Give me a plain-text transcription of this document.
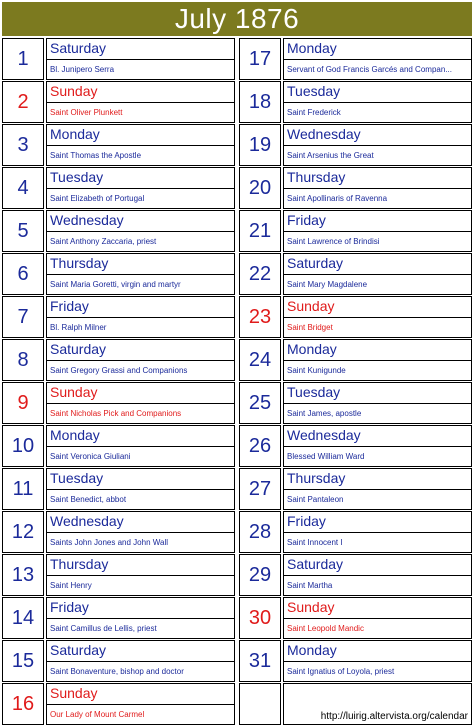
July 1876
1	Saturday
Bl. Junipero Serra
2	Sunday
Saint Oliver Plunkett
3	Monday
Saint Thomas the Apostle
4	Tuesday
Saint Elizabeth of Portugal
5	Wednesday
Saint Anthony Zaccaria, priest
6	Thursday
Saint Maria Goretti, virgin and martyr
7	Friday
Bl. Ralph Milner
8	Saturday
Saint Gregory Grassi and Companions
9	Sunday
Saint Nicholas Pick and Companions
10	Monday
Saint Veronica Giuliani
11	Tuesday
Saint Benedict, abbot
12	Wednesday
Saints John Jones and John Wall
13	Thursday
Saint Henry
14	Friday
Saint Camillus de Lellis, priest
15	Saturday
Saint Bonaventure, bishop and doctor
16	Sunday
Our Lady of Mount Carmel
17	Monday
Servant of God Francis Garcés and Compan...
18	Tuesday
Saint Frederick
19	Wednesday
Saint Arsenius the Great
20	Thursday
Saint Apollinaris of Ravenna
21	Friday
Saint Lawrence of Brindisi
22	Saturday
Saint Mary Magdalene
23	Sunday
Saint Bridget
24	Monday
Saint Kunigunde
25	Tuesday
Saint James, apostle
26	Wednesday
Blessed William Ward
27	Thursday
Saint Pantaleon
28	Friday
Saint Innocent I
29	Saturday
Saint Martha
30	Sunday
Saint Leopold Mandic
31	Monday
Saint Ignatius of Loyola, priest
http://luirig.altervista.org/calendar
